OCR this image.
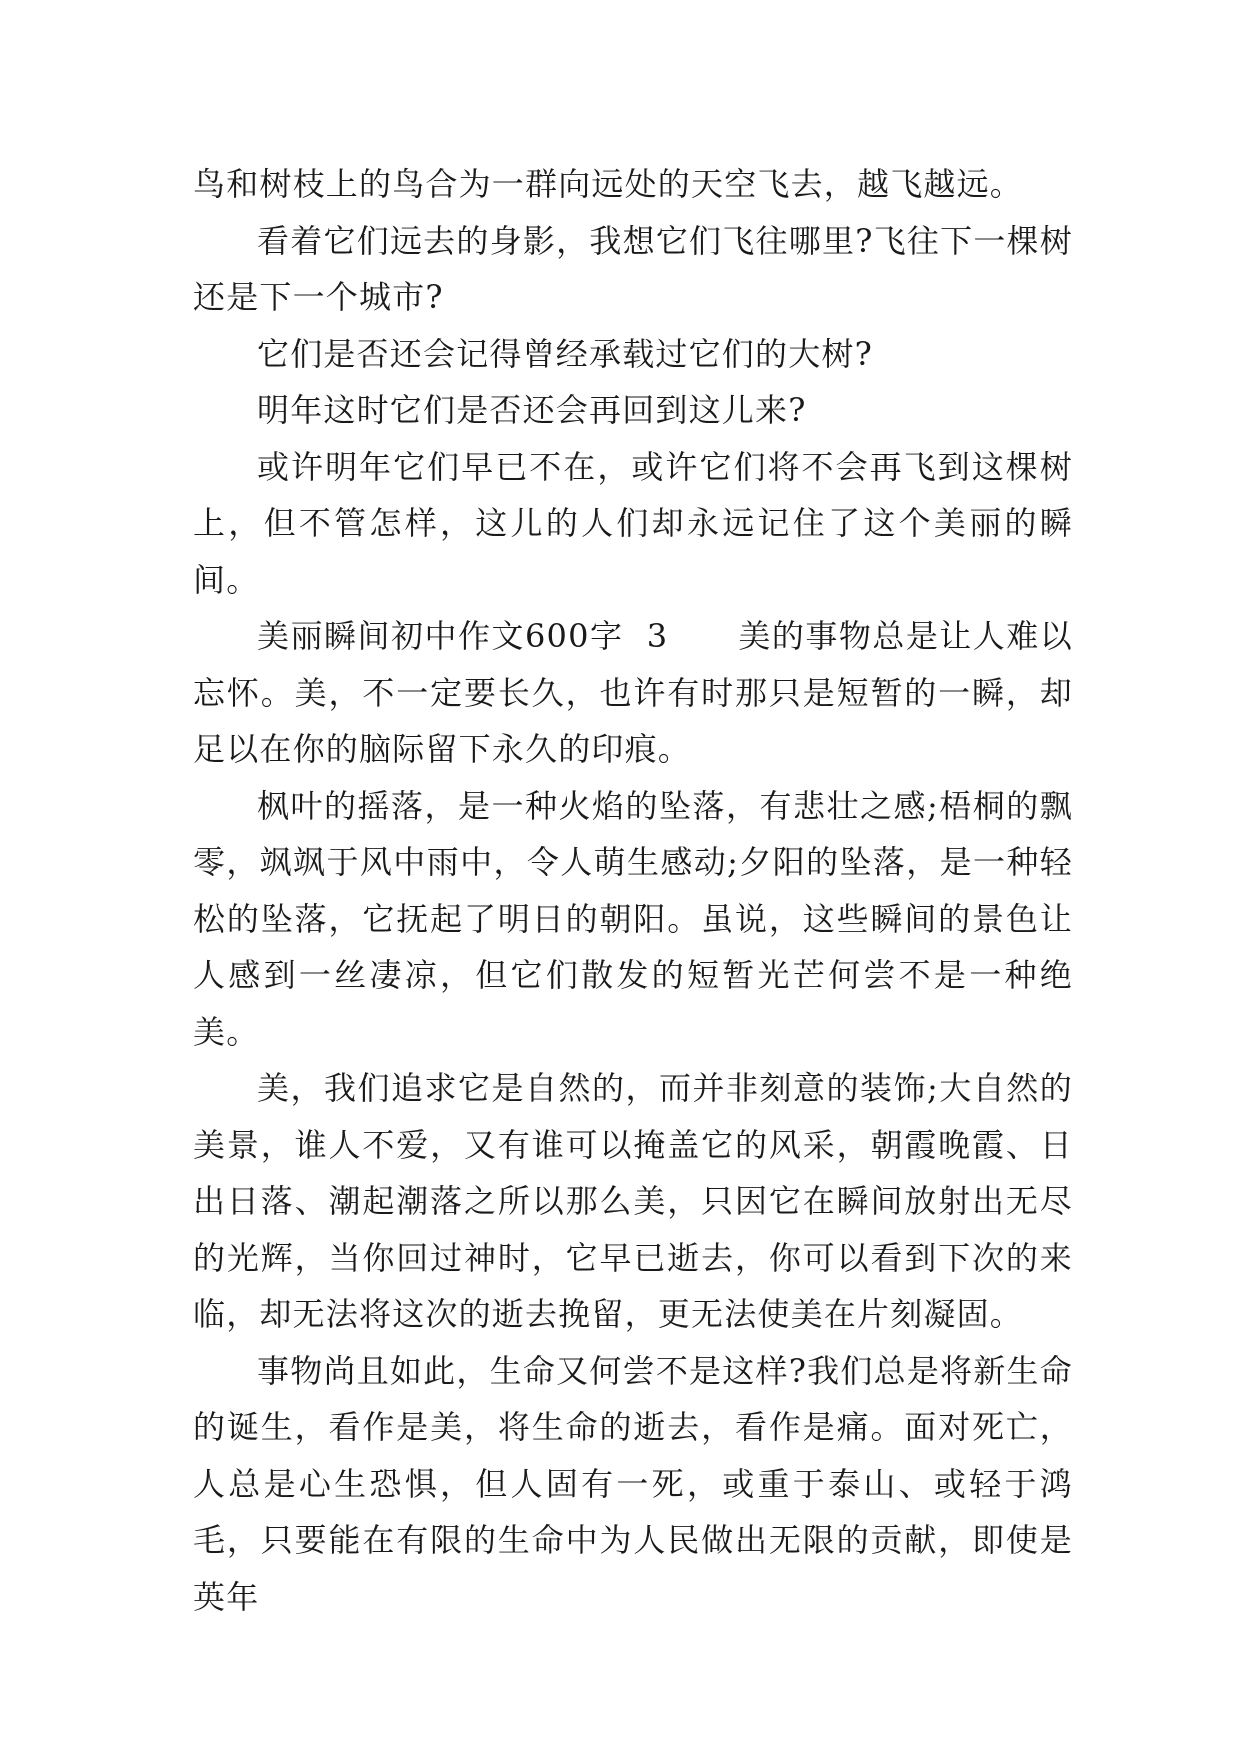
鸟和树枝上的鸟合为一群向远处的天空飞去，越飞越远。

看着它们远去的身影，我想它们飞往哪里?飞往下一棵树还是下一个城市?

它们是否还会记得曾经承载过它们的大树?

明年这时它们是否还会再回到这儿来?

或许明年它们早已不在，或许它们将不会再飞到这棵树上，但不管怎样，这儿的人们却永远记住了这个美丽的瞬间。

美丽瞬间初中作文600字  3      美的事物总是让人难以忘怀。美，不一定要长久，也许有时那只是短暂的一瞬，却足以在你的脑际留下永久的印痕。

枫叶的摇落，是一种火焰的坠落，有悲壮之感;梧桐的飘零，飒飒于风中雨中，令人萌生感动;夕阳的坠落，是一种轻松的坠落，它抚起了明日的朝阳。虽说，这些瞬间的景色让人感到一丝凄凉，但它们散发的短暂光芒何尝不是一种绝美。

美，我们追求它是自然的，而并非刻意的装饰;大自然的美景，谁人不爱，又有谁可以掩盖它的风采，朝霞晚霞、日出日落、潮起潮落之所以那么美，只因它在瞬间放射出无尽的光辉，当你回过神时，它早已逝去，你可以看到下次的来临，却无法将这次的逝去挽留，更无法使美在片刻凝固。

事物尚且如此，生命又何尝不是这样?我们总是将新生命的诞生，看作是美，将生命的逝去，看作是痛。面对死亡，人总是心生恐惧，但人固有一死，或重于泰山、或轻于鸿毛，只要能在有限的生命中为人民做出无限的贡献，即使是英年
